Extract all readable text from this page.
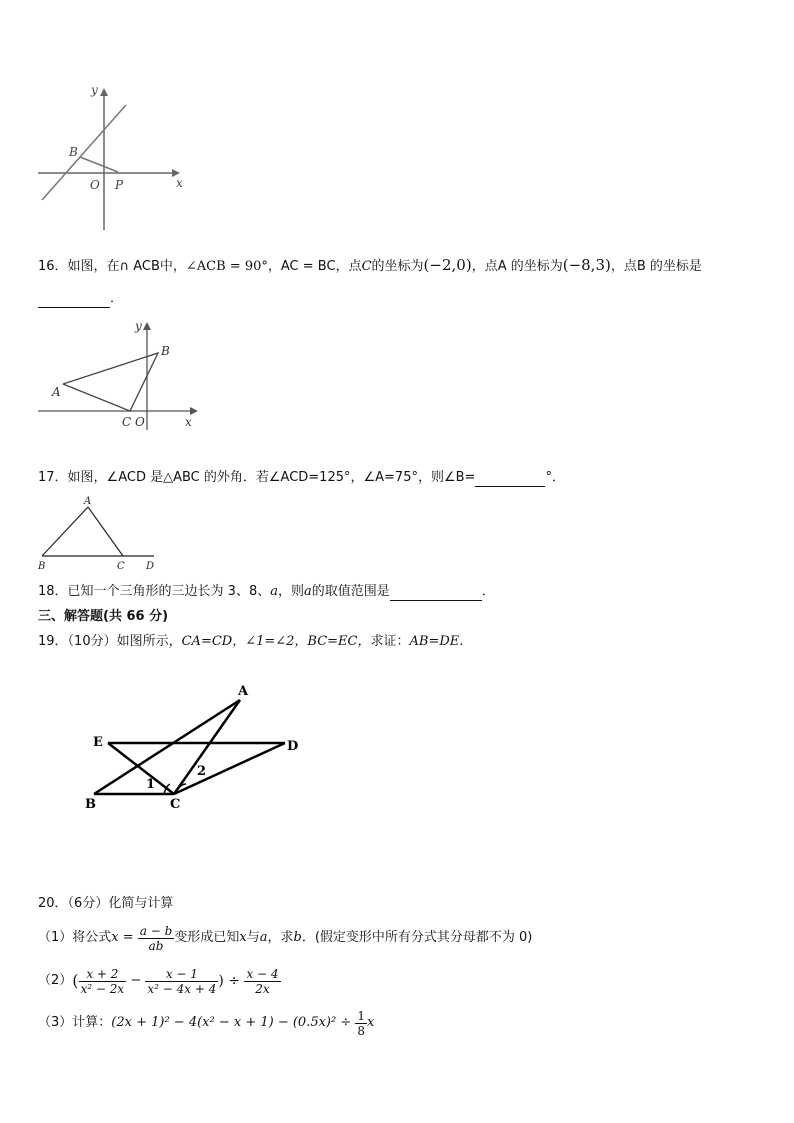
y
x
O
B
P
16．如图，在∩ ACB中，∠ACB = 90°，AC = BC，点C的坐标为(−2,0)，点A 的坐标为(−8,3)，点B 的坐标是
．
y
x
A
B
C O
17．如图，∠ACD 是△ABC 的外角．若∠ACD=125°，∠A=75°，则∠B=	°．
A
B	C D
18．已知一个三角形的三边长为 3、8、a，则a的取值范围是	．
三、解答题(共 66 分)
19．（10分）如图所示，CA=CD，∠1=∠2，BC=EC，求证：AB=DE.
A
B	C
D
E
1
2
20．（6分）化简与计算
（1）将公式 $x = \frac{a - b}{ab}$ 变形成已知 x 与 a ，求 b ．(假定变形中所有分式其分母都不为 0)
（2） ( $\frac{x + 2}{\text{x² − 2x}} - \frac{x - 1}{\text{x² − 4x + 4}}$ ) ÷ $\frac{x - 4}{2x}$
（3）计算： $(2x + 1)^2 - 4(x^2 - x + 1) - (0.5x)^2 \div \frac{1}{8}$ x
